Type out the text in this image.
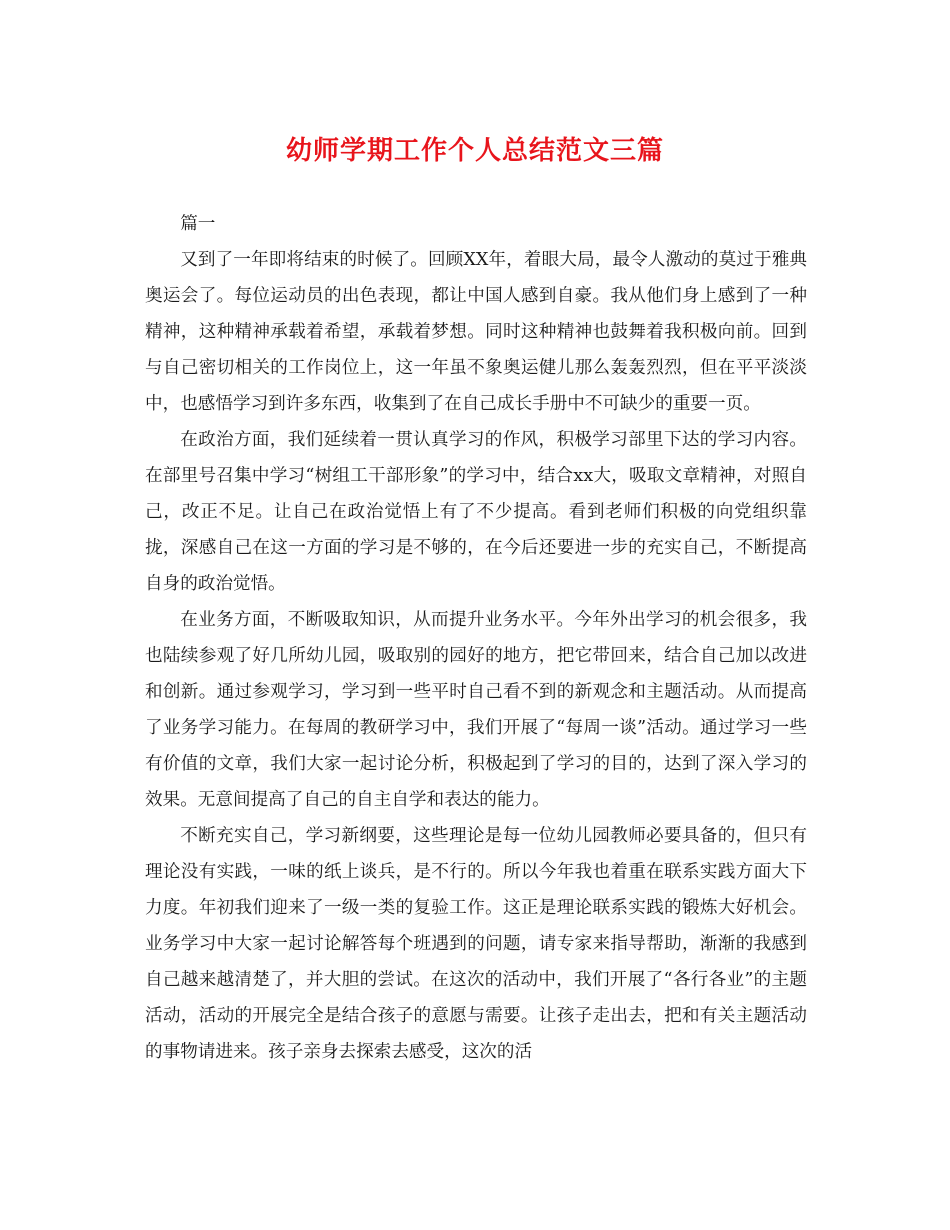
幼师学期工作个人总结范文三篇
篇一

又到了一年即将结束的时候了。回顾XX年，着眼大局，最令人激动的莫过于雅典奥运会了。每位运动员的出色表现，都让中国人感到自豪。我从他们身上感到了一种精神，这种精神承载着希望，承载着梦想。同时这种精神也鼓舞着我积极向前。回到与自己密切相关的工作岗位上，这一年虽不象奥运健儿那么轰轰烈烈，但在平平淡淡中，也感悟学习到许多东西，收集到了在自己成长手册中不可缺少的重要一页。

在政治方面，我们延续着一贯认真学习的作风，积极学习部里下达的学习内容。在部里号召集中学习“树组工干部形象”的学习中，结合xx大，吸取文章精神，对照自己，改正不足。让自己在政治觉悟上有了不少提高。看到老师们积极的向党组织靠拢，深感自己在这一方面的学习是不够的，在今后还要进一步的充实自己，不断提高自身的政治觉悟。

在业务方面，不断吸取知识，从而提升业务水平。今年外出学习的机会很多，我也陆续参观了好几所幼儿园，吸取别的园好的地方，把它带回来，结合自己加以改进和创新。通过参观学习，学习到一些平时自己看不到的新观念和主题活动。从而提高了业务学习能力。在每周的教研学习中，我们开展了“每周一谈”活动。通过学习一些有价值的文章，我们大家一起讨论分析，积极起到了学习的目的，达到了深入学习的效果。无意间提高了自己的自主自学和表达的能力。

不断充实自己，学习新纲要，这些理论是每一位幼儿园教师必要具备的，但只有理论没有实践，一味的纸上谈兵，是不行的。所以今年我也着重在联系实践方面大下力度。年初我们迎来了一级一类的复验工作。这正是理论联系实践的锻炼大好机会。业务学习中大家一起讨论解答每个班遇到的问题，请专家来指导帮助，渐渐的我感到自己越来越清楚了，并大胆的尝试。在这次的活动中，我们开展了“各行各业”的主题活动，活动的开展完全是结合孩子的意愿与需要。让孩子走出去，把和有关主题活动的事物请进来。孩子亲身去探索去感受，这次的活
